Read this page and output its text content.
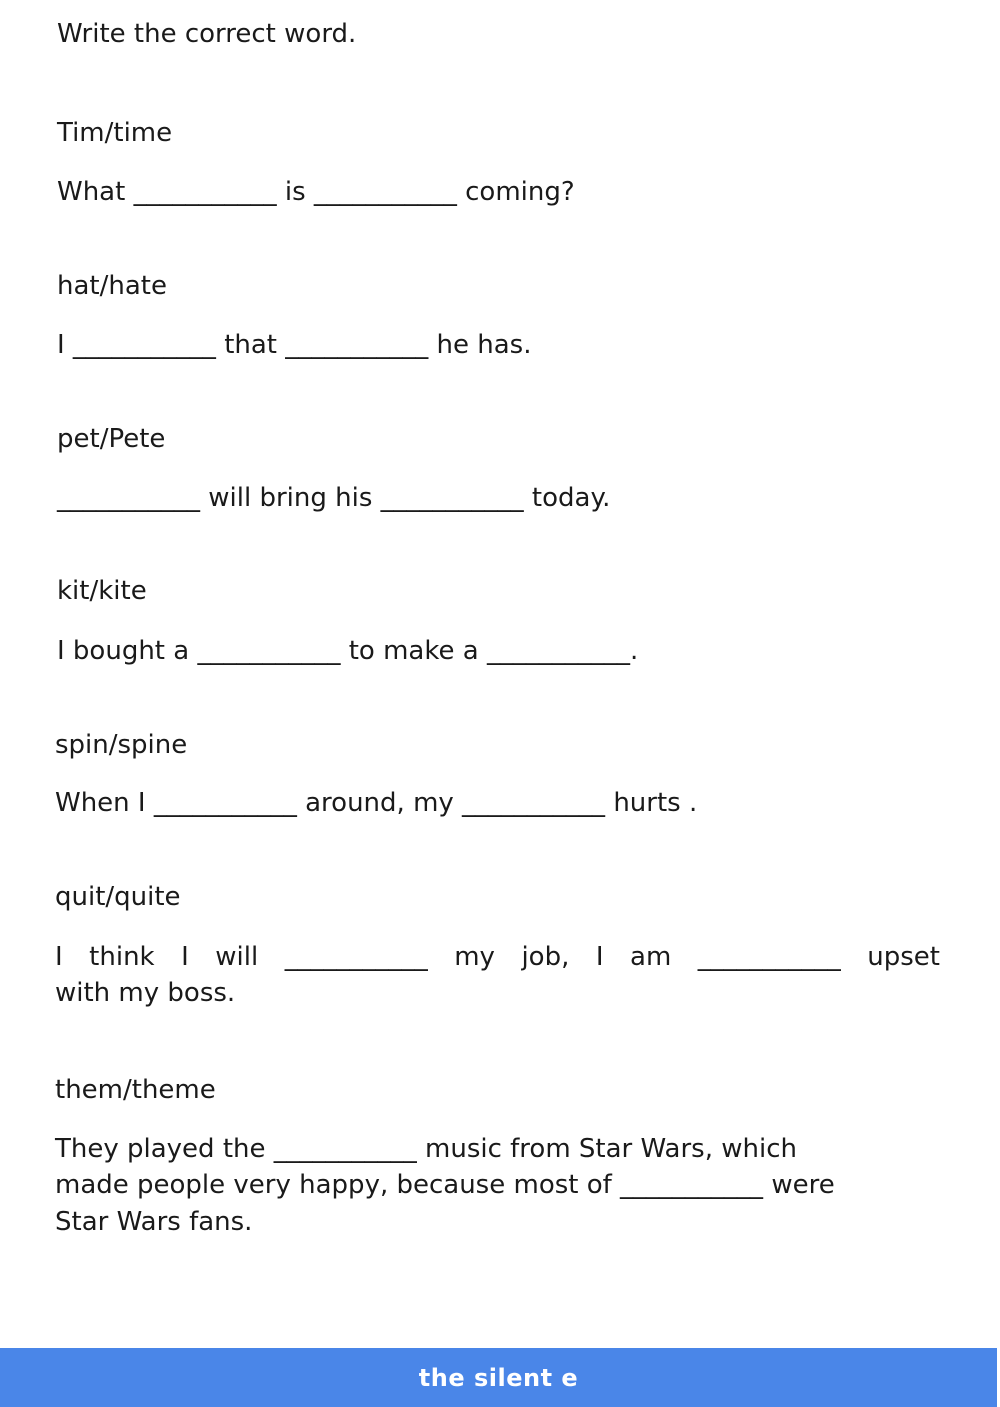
Write the correct word.

Tim/time

What ___________ is ___________ coming?

hat/hate

I ___________ that ___________ he has.

pet/Pete

___________ will bring his ___________ today.

kit/kite

I bought a ___________ to make a ___________.

spin/spine

When I ___________ around, my ___________ hurts .

quit/quite

I think I will ___________ my job, I am ___________ upset

with my boss.

them/theme

They played the ___________ music from Star Wars, which

made people very happy, because most of ___________ were

Star Wars fans.

the silent e
